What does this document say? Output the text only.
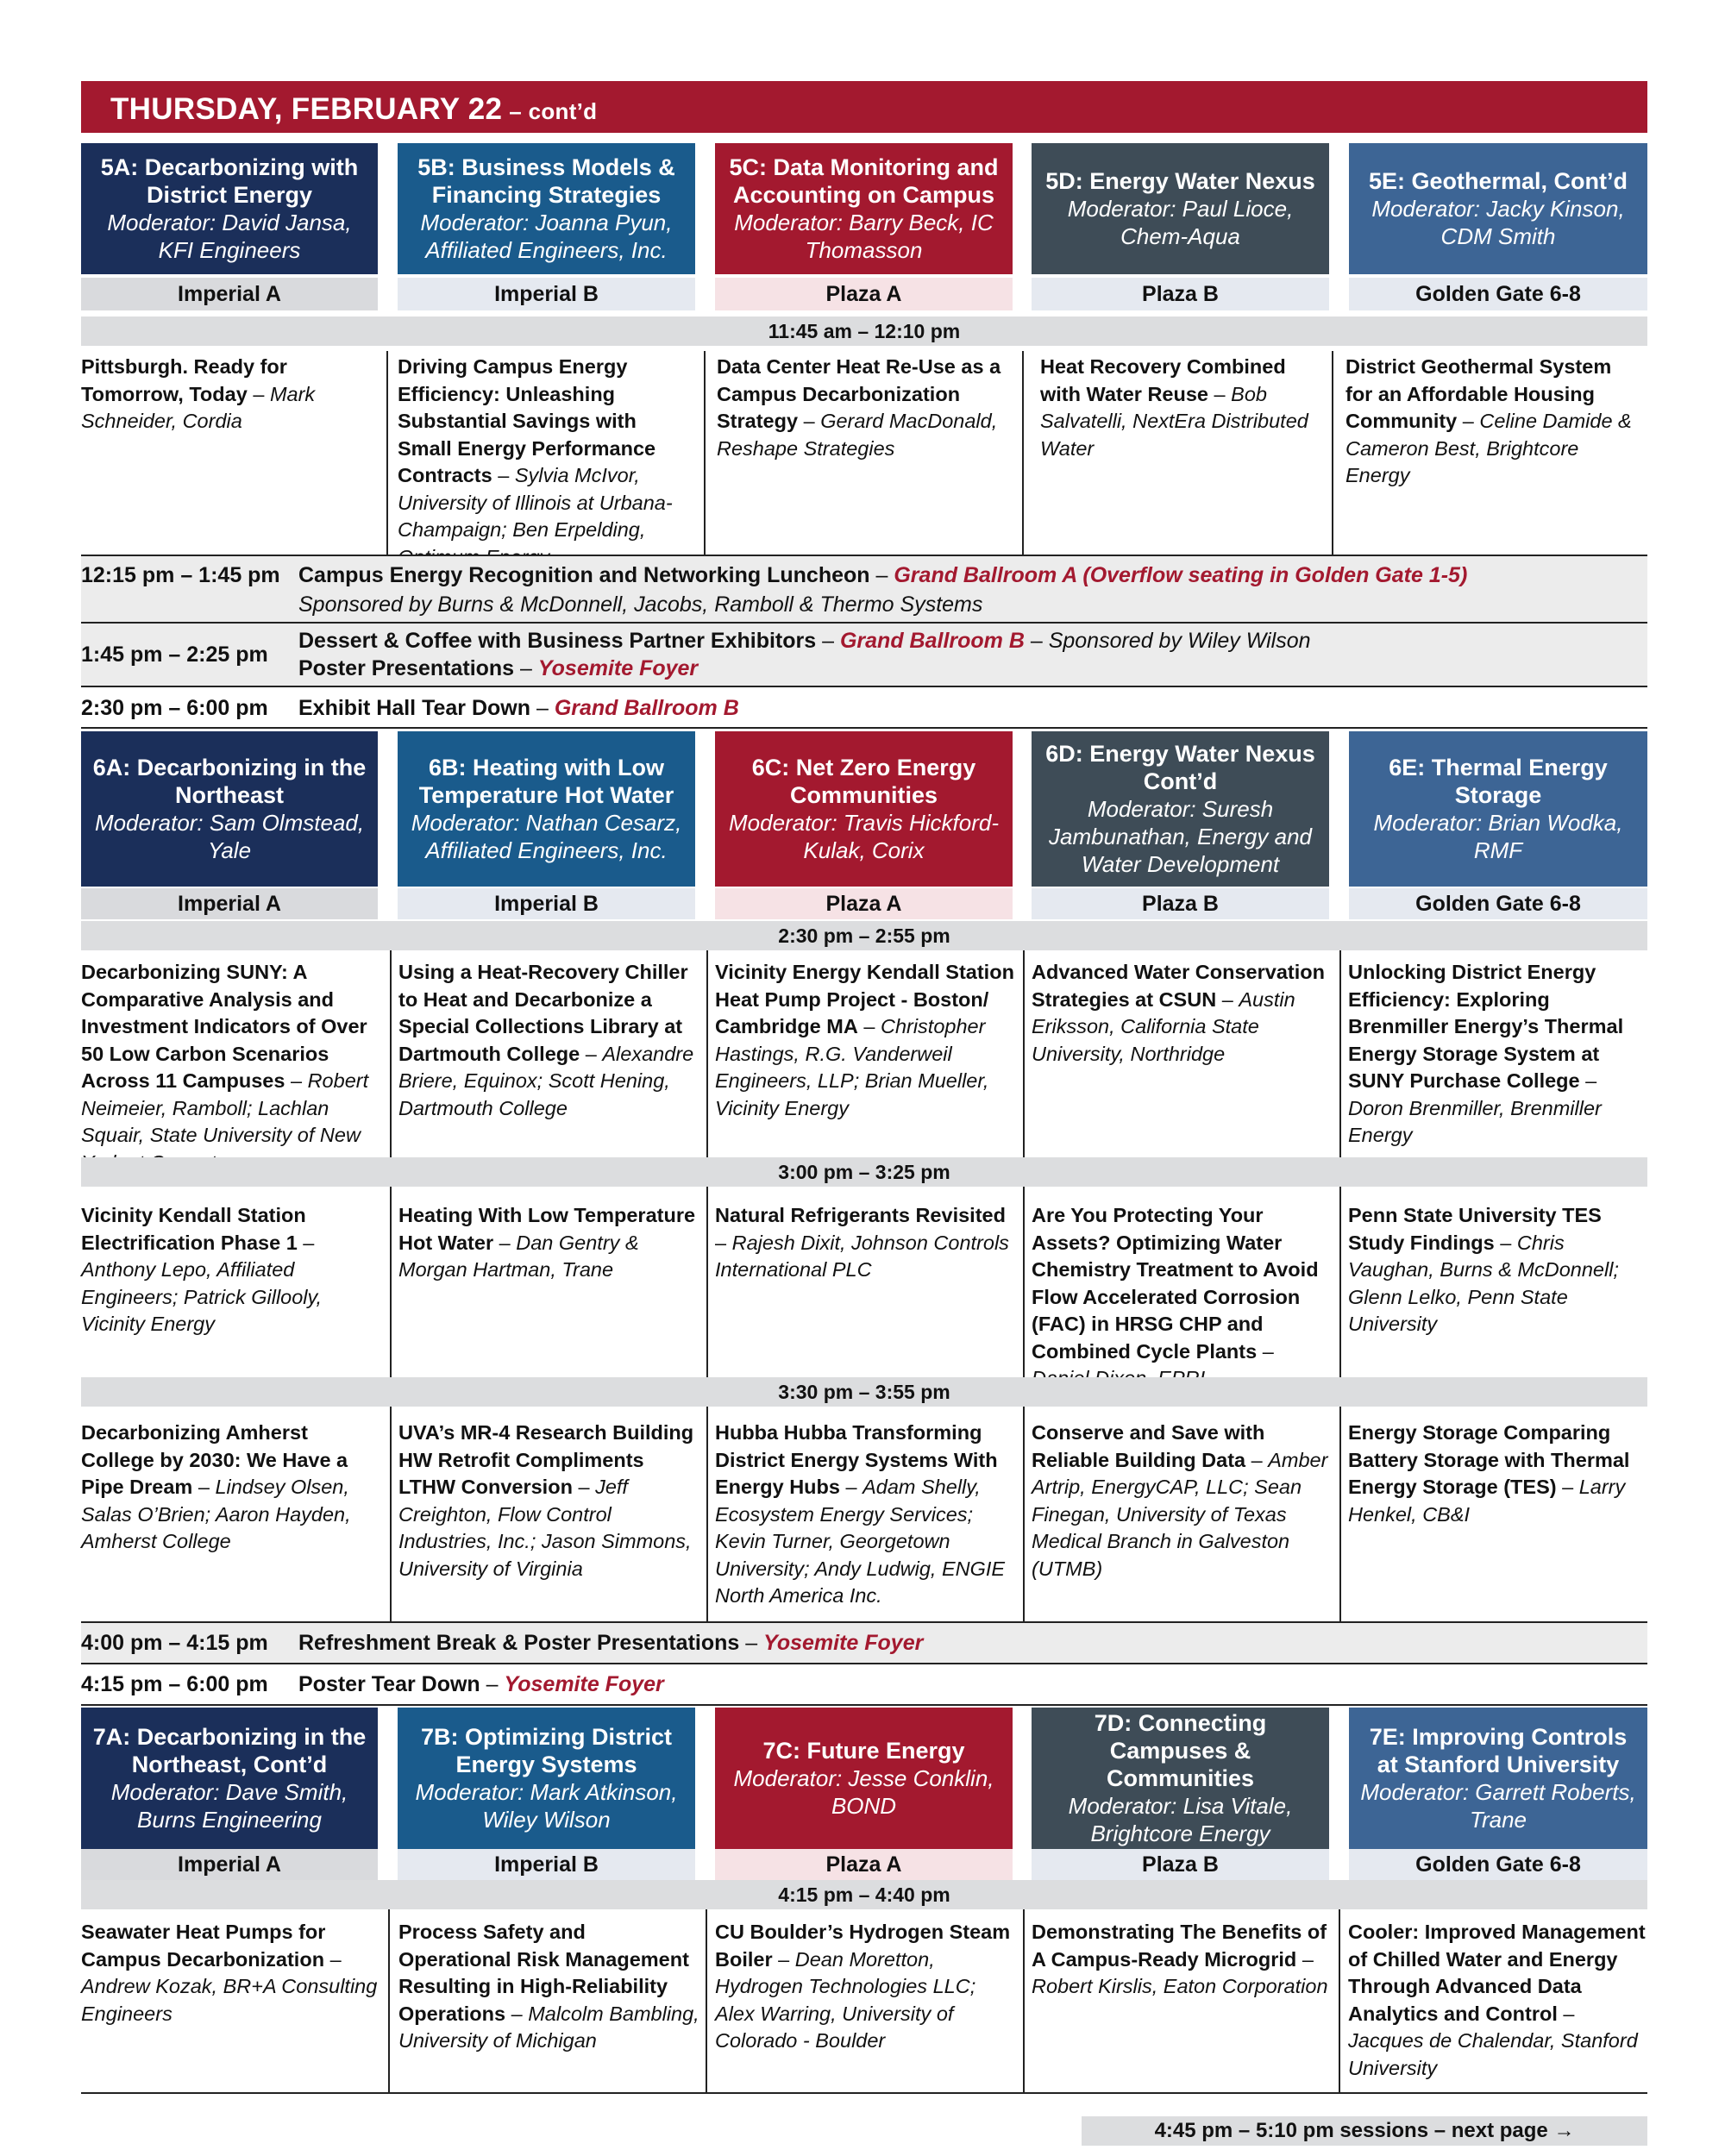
THURSDAY, FEBRUARY 22 – cont’d
5A: Decarbonizing with District Energy
Moderator: David Jansa, KFI Engineers
5B: Business Models & Financing Strategies
Moderator: Joanna Pyun, Affiliated Engineers, Inc.
5C: Data Monitoring and Accounting on Campus
Moderator: Barry Beck, IC Thomasson
5D: Energy Water Nexus
Moderator: Paul Lioce, Chem-Aqua
5E: Geothermal, Cont’d
Moderator: Jacky Kinson, CDM Smith
Imperial A	Imperial B	Plaza A	Plaza B	Golden Gate 6-8
11:45 am – 12:10 pm
Pittsburgh. Ready for Tomorrow, Today – Mark Schneider, Cordia
Driving Campus Energy Efficiency: Unleashing Substantial Savings with Small Energy Performance Contracts – Sylvia McIvor, University of Illinois at Urbana-Champaign; Ben Erpelding,
Data Center Heat Re-Use as a Campus Decarbonization Strategy – Gerard MacDonald, Reshape Strategies
Heat Recovery Combined with Water Reuse – Bob Salvatelli, NextEra Distributed Water
District Geothermal System for an Affordable Housing Community – Celine Damide & Cameron Best, Brightcore Energy
12:15 pm – 1:45 pm Campus Energy Recognition and Networking Luncheon – Grand Ballroom A (Overflow seating in Golden Gate 1-5)
Sponsored by Burns & McDonnell, Jacobs, Ramboll & Thermo Systems
1:45 pm – 2:25 pm
Dessert & Coffee with Business Partner Exhibitors – Grand Ballroom B – Sponsored by Wiley Wilson
Poster Presentations – Yosemite Foyer
2:30 pm – 6:00 pm Exhibit Hall Tear Down – Grand Ballroom B
6A: Decarbonizing in the Northeast
Moderator: Sam Olmstead, Yale
6B: Heating with Low Temperature Hot Water
Moderator: Nathan Cesarz, Affiliated Engineers, Inc.
6C: Net Zero Energy Communities
Moderator: Travis Hickford-Kulak, Corix
6D: Energy Water Nexus Cont’d
Moderator: Suresh Jambunathan, Energy and Water Development
6E: Thermal Energy Storage
Moderator: Brian Wodka, RMF
Imperial A	Imperial B	Plaza A	Plaza B	Golden Gate 6-8
2:30 pm – 2:55 pm
Decarbonizing SUNY: A Comparative Analysis and Investment Indicators of Over 50 Low Carbon Scenarios Across 11 Campuses – Robert Neimeier, Ramboll; Lachlan Squair, State University of New
Using a Heat-Recovery Chiller to Heat and Decarbonize a Special Collections Library at Dartmouth College – Alexandre Briere, Equinox; Scott Hening, Dartmouth College
Vicinity Energy Kendall Station Heat Pump Project - Boston/ Cambridge MA – Christopher Hastings, R.G. Vanderweil Engineers, LLP; Brian Mueller, Vicinity Energy
Advanced Water Conservation Strategies at CSUN – Austin Eriksson, California State University, Northridge
Unlocking District Energy Efficiency: Exploring Brenmiller Energy’s Thermal Energy Storage System at SUNY Purchase College – Doron Brenmiller, Brenmiller Energy
3:00 pm – 3:25 pm
Vicinity Kendall Station Electrification Phase 1 – Anthony Lepo, Affiliated Engineers; Patrick Gillooly, Vicinity Energy
Heating With Low Temperature Hot Water – Dan Gentry & Morgan Hartman, Trane
Natural Refrigerants Revisited – Rajesh Dixit, Johnson Controls International PLC
Are You Protecting Your Assets? Optimizing Water Chemistry Treatment to Avoid Flow Accelerated Corrosion (FAC) in HRSG CHP and Combined Cycle Plants –
Penn State University TES Study Findings – Chris Vaughan, Burns & McDonnell; Glenn Lelko, Penn State University
3:30 pm – 3:55 pm
Decarbonizing Amherst College by 2030: We Have a Pipe Dream – Lindsey Olsen, Salas O’Brien; Aaron Hayden, Amherst College
UVA’s MR-4 Research Building HW Retrofit Compliments LTHW Conversion – Jeff Creighton, Flow Control Industries, Inc.; Jason Simmons, University of Virginia
Hubba Hubba Transforming District Energy Systems With Energy Hubs – Adam Shelly, Ecosystem Energy Services; Kevin Turner, Georgetown University; Andy Ludwig, ENGIE North America Inc.
Conserve and Save with Reliable Building Data – Amber Artrip, EnergyCAP, LLC; Sean Finegan, University of Texas Medical Branch in Galveston (UTMB)
Energy Storage Comparing Battery Storage with Thermal Energy Storage (TES) – Larry Henkel, CB&I
4:00 pm – 4:15 pm Refreshment Break & Poster Presentations – Yosemite Foyer
4:15 pm – 6:00 pm Poster Tear Down – Yosemite Foyer
7A: Decarbonizing in the Northeast, Cont’d
Moderator: Dave Smith, Burns Engineering
7B: Optimizing District Energy Systems
Moderator: Mark Atkinson, Wiley Wilson
7C: Future Energy
Moderator: Jesse Conklin, BOND
7D: Connecting Campuses & Communities
Moderator: Lisa Vitale, Brightcore Energy
7E: Improving Controls at Stanford University
Moderator: Garrett Roberts, Trane
Imperial A	Imperial B	Plaza A	Plaza B	Golden Gate 6-8
4:15 pm – 4:40 pm
Seawater Heat Pumps for Campus Decarbonization – Andrew Kozak, BR+A Consulting Engineers
Process Safety and Operational Risk Management Resulting in High-Reliability Operations – Malcolm Bambling, University of Michigan
CU Boulder’s Hydrogen Steam Boiler – Dean Moretton, Hydrogen Technologies LLC; Alex Warring, University of Colorado - Boulder
Demonstrating The Benefits of A Campus-Ready Microgrid – Robert Kirslis, Eaton Corporation
Cooler: Improved Management of Chilled Water and Energy Through Advanced Data Analytics and Control – Jacques de Chalendar, Stanford University
4:45 pm – 5:10 pm sessions – next page →
